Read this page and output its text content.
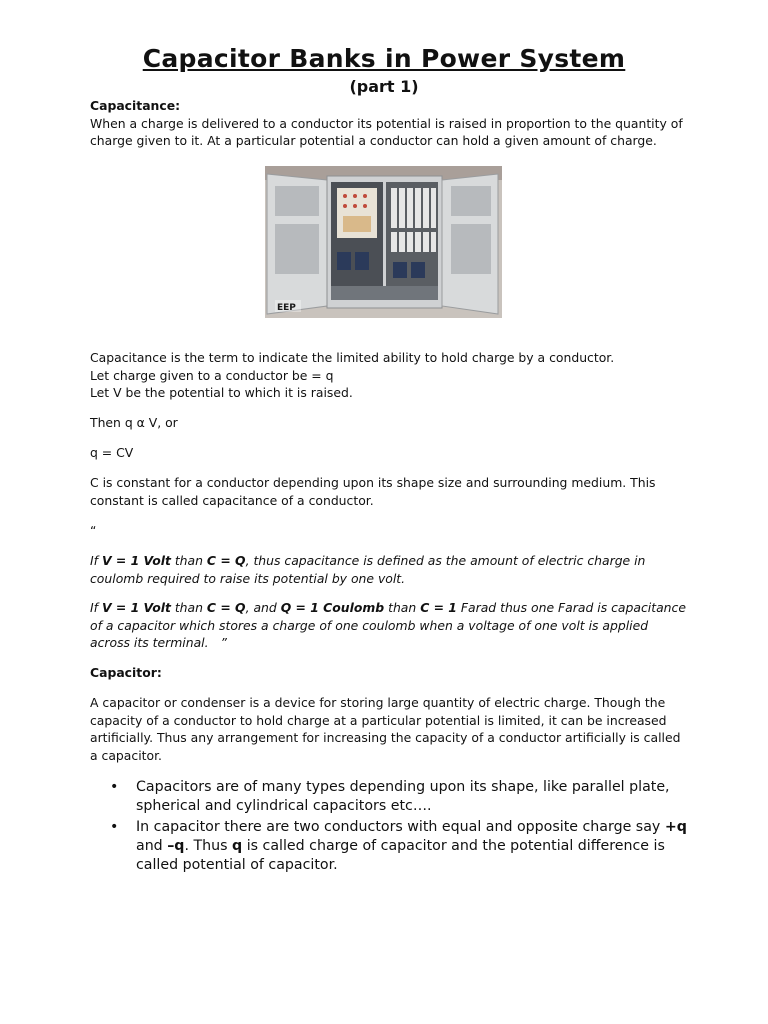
Capacitor Banks in Power System
(part 1)
Capacitance:
When a charge is delivered to a conductor its potential is raised in proportion to the quantity of charge given to it. At a particular potential a conductor can hold a given amount of charge.
EEP
Capacitance is the term to indicate the limited ability to hold charge by a conductor.
Let charge given to a conductor be = q
Let V be the potential to which it is raised.
Then q α V, or
q = CV
C is constant for a conductor depending upon its shape size and surrounding medium. This constant is called capacitance of a conductor.
“
If V = 1 Volt than C = Q, thus capacitance is defined as the amount of electric charge in coulomb required to raise its potential by one volt.
If V = 1 Volt than C = Q, and Q = 1 Coulomb than C = 1 Farad thus one Farad is capacitance of a capacitor which stores a charge of one coulomb when a voltage of one volt is applied across its terminal. ”
Capacitor:
A capacitor or condenser is a device for storing large quantity of electric charge. Though the capacity of a conductor to hold charge at a particular potential is limited, it can be increased artificially. Thus any arrangement for increasing the capacity of a conductor artificially is called a capacitor.
• Capacitors are of many types depending upon its shape, like parallel plate, spherical and cylindrical capacitors etc….
• In capacitor there are two conductors with equal and opposite charge say +q and –q. Thus q is called charge of capacitor and the potential difference is called potential of capacitor.
